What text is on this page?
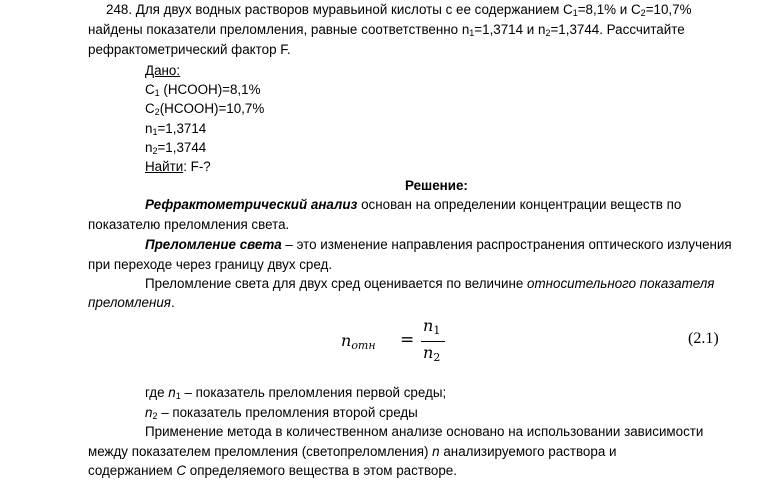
248. Для двух водных растворов муравьиной кислоты с ее содержанием $C_1=8,1\%$ и $C_2=10,7\%$
найдены показатели преломления, равные соответственно $n_1=1,3714$ и $n_2=1,3744$. Рассчитайте
рефрактометрический фактор F.
Дано:
$C_1$ (HCOOH)=8,1%
$C_2(HCOOH)=10,7\%$
$n_1=1,3714$
$n_2=1,3744$
Найти: F-?
Решение:
Рефрактометрический анализ основан на определении концентрации веществ по
показателю преломления света.
Преломление света – это изменение направления распространения оптического излучения
при переходе через границу двух сред.
Преломление света для двух сред оценивается по величине относительного показателя
преломления.
$n_{отн}$ =
$n_1$
$n_2$
(2.1)
где $n_1$ – показатель преломления первой среды;
$n_2$ – показатель преломления второй среды
Применение метода в количественном анализе основано на использовании зависимости
между показателем преломления (светопреломления) n анализируемого раствора и
содержанием C определяемого вещества в этом растворе.
